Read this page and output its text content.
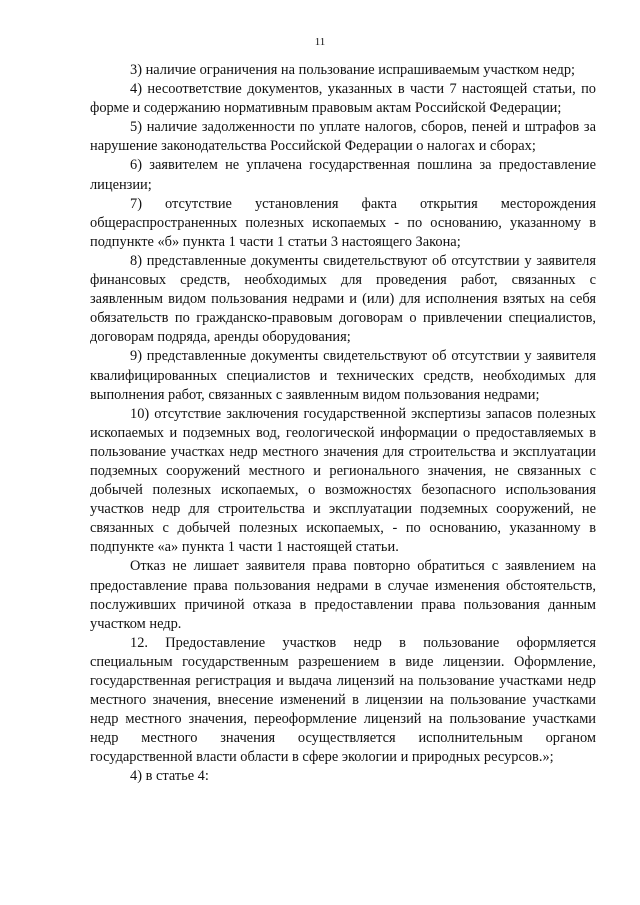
11

3) наличие ограничения на пользование испрашиваемым участком недр;

4) несоответствие документов, указанных в части 7 настоящей статьи, по форме и содержанию нормативным правовым актам Российской Федерации;

5) наличие задолженности по уплате налогов, сборов, пеней и штрафов за нарушение законодательства Российской Федерации о налогах и сборах;

6) заявителем не уплачена государственная пошлина за предоставление лицензии;

7) отсутствие установления факта открытия месторождения общераспространенных полезных ископаемых - по основанию, указанному в подпункте «б» пункта 1 части 1 статьи 3 настоящего Закона;

8) представленные документы свидетельствуют об отсутствии у заявителя финансовых средств, необходимых для проведения работ, связанных с заявленным видом пользования недрами и (или) для исполнения взятых на себя обязательств по гражданско-правовым договорам о привлечении специалистов, договорам подряда, аренды оборудования;

9) представленные документы свидетельствуют об отсутствии у заявителя квалифицированных специалистов и технических средств, необходимых для выполнения работ, связанных с заявленным видом пользования недрами;

10) отсутствие заключения государственной экспертизы запасов полезных ископаемых и подземных вод, геологической информации о предоставляемых в пользование участках недр местного значения для строительства и эксплуатации подземных сооружений местного и регионального значения, не связанных с добычей полезных ископаемых, о возможностях безопасного использования участков недр для строительства и эксплуатации подземных сооружений, не связанных с добычей полезных ископаемых, - по основанию, указанному в подпункте «а» пункта 1 части 1 настоящей статьи.

Отказ не лишает заявителя права повторно обратиться с заявлением на предоставление права пользования недрами в случае изменения обстоятельств, послуживших причиной отказа в предоставлении права пользования данным участком недр.

12. Предоставление участков недр в пользование оформляется специальным государственным разрешением в виде лицензии. Оформление, государственная регистрация и выдача лицензий на пользование участками недр местного значения, внесение изменений в лицензии на пользование участками недр местного значения, переоформление лицензий на пользование участками недр местного значения осуществляется исполнительным органом государственной власти области в сфере экологии и природных ресурсов.»;

4) в статье 4:
